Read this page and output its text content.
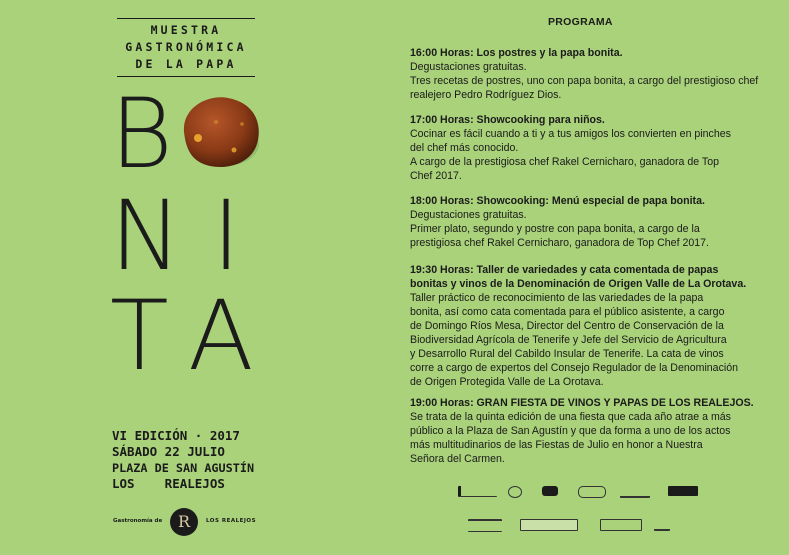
MUESTRA
GASTRONÓMICA
DE LA PAPA
B
N I
T A
VI EDICIÓN · 2017
SÁBADO 22 JULIO
PLAZA DE SAN AGUSTÍN
LOS    REALEJOS
Gastronomía de R	LOS REALEJOS
PROGRAMA

16:00 Horas: Los postres y la papa bonita.

Degustaciones gratuitas.

Tres recetas de postres, uno con papa bonita, a cargo del prestigioso chef

realejero Pedro Rodríguez Dios.

17:00 Horas: Showcooking para niños.

Cocinar es fácil cuando a ti y a tus amigos los convierten en pinches

del chef más conocido.

A cargo de la prestigiosa chef Rakel Cernicharo, ganadora de Top

Chef 2017.

18:00 Horas: Showcooking: Menú especial de papa bonita.

Degustaciones gratuitas.

Primer plato, segundo y postre con papa bonita, a cargo de la

prestigiosa chef Rakel Cernicharo, ganadora de Top Chef 2017.

19:30 Horas: Taller de variedades y cata comentada de papas

bonitas y vinos de la Denominación de Origen Valle de La Orotava.

Taller práctico de reconocimiento de las variedades de la papa

bonita, así como cata comentada para el público asistente, a cargo

de Domingo Ríos Mesa, Director del Centro de Conservación de la

Biodiversidad Agrícola de Tenerife y Jefe del Servicio de Agricultura

y Desarrollo Rural del Cabildo Insular de Tenerife. La cata de vinos

corre a cargo de expertos del Consejo Regulador de la Denominación

de Origen Protegida Valle de La Orotava.

19:00 Horas: GRAN FIESTA DE VINOS Y PAPAS DE LOS REALEJOS.

Se trata de la quinta edición de una fiesta que cada año atrae a más

público a la Plaza de San Agustín y que da forma a uno de los actos

más multitudinarios de las Fiestas de Julio en honor a Nuestra

Señora del Carmen.
